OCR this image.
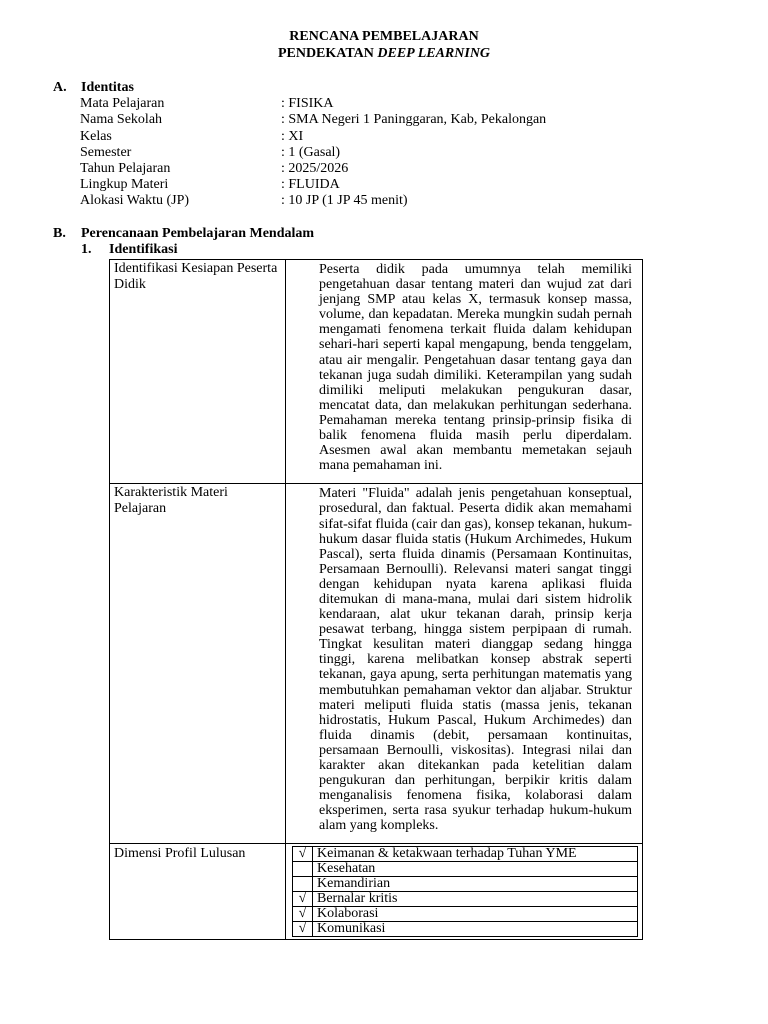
RENCANA PEMBELAJARAN
PENDEKATAN DEEP LEARNING
A. Identitas
Mata Pelajaran	: FISIKA
Nama Sekolah	: SMA Negeri 1 Paninggaran, Kab, Pekalongan
Kelas	: XI
Semester	: 1 (Gasal)
Tahun Pelajaran	: 2025/2026
Lingkup Materi	: FLUIDA
Alokasi Waktu (JP)	: 10 JP (1 JP 45 menit)
B. Perencanaan Pembelajaran Mendalam
1. Identifikasi
Identifikasi Kesiapan Peserta Didik	Peserta didik pada umumnya telah memiliki pengetahuan dasar tentang materi dan wujud zat dari jenjang SMP atau kelas X, termasuk konsep massa, volume, dan kepadatan. Mereka mungkin sudah pernah mengamati fenomena terkait fluida dalam kehidupan sehari-hari seperti kapal mengapung, benda tenggelam, atau air mengalir. Pengetahuan dasar tentang gaya dan tekanan juga sudah dimiliki. Keterampilan yang sudah dimiliki meliputi melakukan pengukuran dasar, mencatat data, dan melakukan perhitungan sederhana. Pemahaman mereka tentang prinsip-prinsip fisika di balik fenomena fluida masih perlu diperdalam. Asesmen awal akan membantu memetakan sejauh mana pemahaman ini.
Karakteristik Materi Pelajaran	Materi "Fluida" adalah jenis pengetahuan konseptual, prosedural, dan faktual. Peserta didik akan memahami sifat-sifat fluida (cair dan gas), konsep tekanan, hukum-hukum dasar fluida statis (Hukum Archimedes, Hukum Pascal), serta fluida dinamis (Persamaan Kontinuitas, Persamaan Bernoulli). Relevansi materi sangat tinggi dengan kehidupan nyata karena aplikasi fluida ditemukan di mana-mana, mulai dari sistem hidrolik kendaraan, alat ukur tekanan darah, prinsip kerja pesawat terbang, hingga sistem perpipaan di rumah. Tingkat kesulitan materi dianggap sedang hingga tinggi, karena melibatkan konsep abstrak seperti tekanan, gaya apung, serta perhitungan matematis yang membutuhkan pemahaman vektor dan aljabar. Struktur materi meliputi fluida statis (massa jenis, tekanan hidrostatis, Hukum Pascal, Hukum Archimedes) dan fluida dinamis (debit, persamaan kontinuitas, persamaan Bernoulli, viskositas). Integrasi nilai dan karakter akan ditekankan pada ketelitian dalam pengukuran dan perhitungan, berpikir kritis dalam menganalisis fenomena fisika, kolaborasi dalam eksperimen, serta rasa syukur terhadap hukum-hukum alam yang kompleks.
Dimensi Profil Lulusan		√	Keimanan & ketakwaan terhadap Tuhan YME
	Kesehatan
	Kemandirian
√	Bernalar kritis
√	Kolaborasi
√	Komunikasi
